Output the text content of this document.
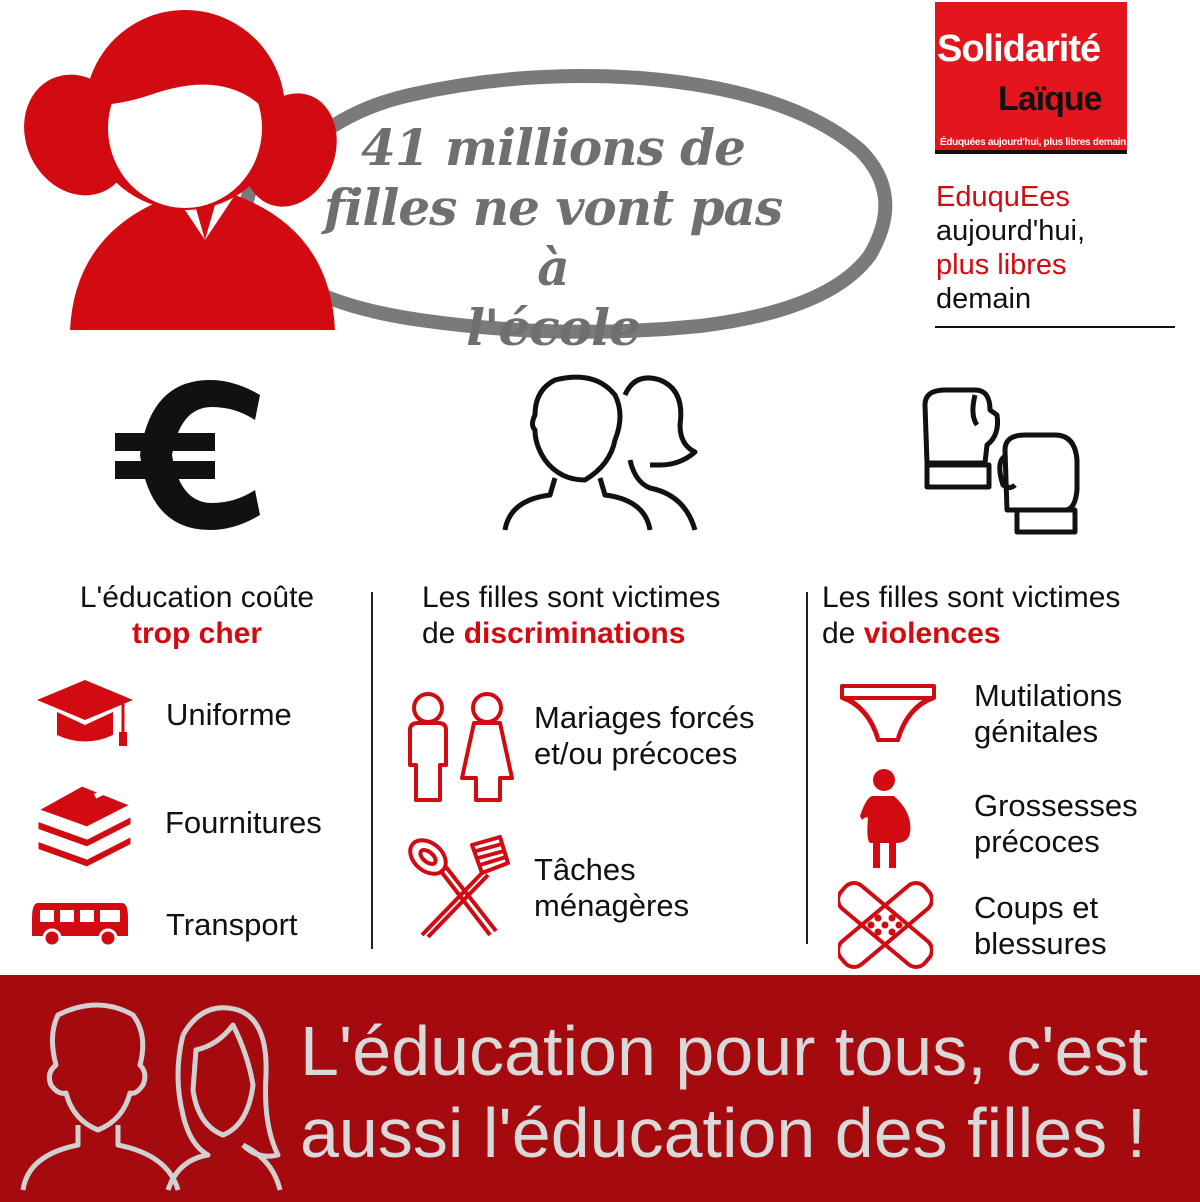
41 millions de
filles ne vont pas à
l'école
Solidarité
Laïque
Éduquées aujourd'hui, plus libres demain
EduquEes
aujourd'hui,
plus libres
demain
L'éducation coûte
trop cher
Uniforme
Fournitures
Transport
Les filles sont victimes
de discriminations
Mariages forcés
et/ou précoces
Tâches
ménagères
Les filles sont victimes
de violences
Mutilations
génitales
Grossesses
précoces
Coups et
blessures
L'éducation pour tous, c'est
aussi l'éducation des filles !
